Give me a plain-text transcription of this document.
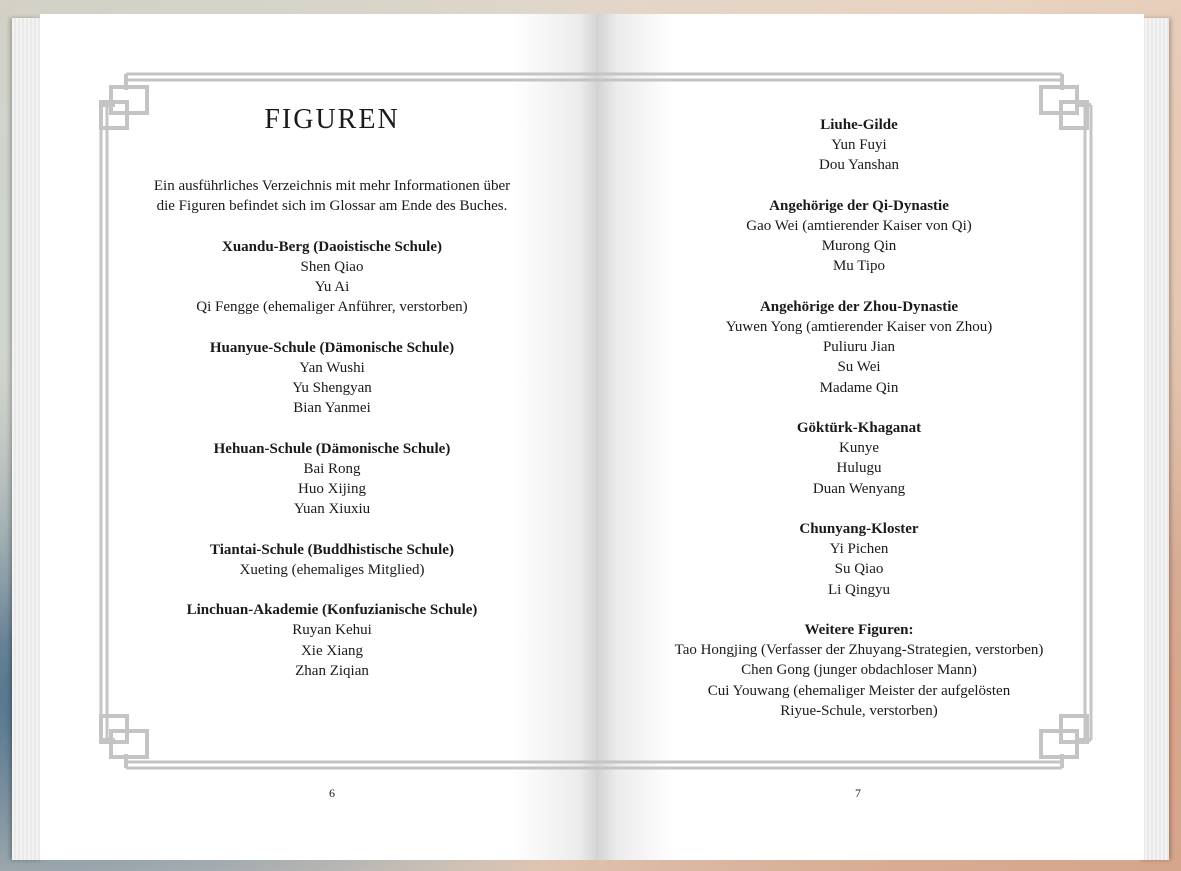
FIGUREN
Ein ausführliches Verzeichnis mit mehr Informationen über
die Figuren befindet sich im Glossar am Ende des Buches.
Xuandu-Berg (Daoistische Schule)
Shen Qiao
Yu Ai
Qi Fengge (ehemaliger Anführer, verstorben)
Huanyue-Schule (Dämonische Schule)
Yan Wushi
Yu Shengyan
Bian Yanmei
Hehuan-Schule (Dämonische Schule)
Bai Rong
Huo Xijing
Yuan Xiuxiu
Tiantai-Schule (Buddhistische Schule)
Xueting (ehemaliges Mitglied)
Linchuan-Akademie (Konfuzianische Schule)
Ruyan Kehui
Xie Xiang
Zhan Ziqian
Liuhe-Gilde
Yun Fuyi
Dou Yanshan
Angehörige der Qi-Dynastie
Gao Wei (amtierender Kaiser von Qi)
Murong Qin
Mu Tipo
Angehörige der Zhou-Dynastie
Yuwen Yong (amtierender Kaiser von Zhou)
Puliuru Jian
Su Wei
Madame Qin
Göktürk-Khaganat
Kunye
Hulugu
Duan Wenyang
Chunyang-Kloster
Yi Pichen
Su Qiao
Li Qingyu
Weitere Figuren:
Tao Hongjing (Verfasser der Zhuyang-Strategien, verstorben)
Chen Gong (junger obdachloser Mann)
Cui Youwang (ehemaliger Meister der aufgelösten
Riyue-Schule, verstorben)
6	7
